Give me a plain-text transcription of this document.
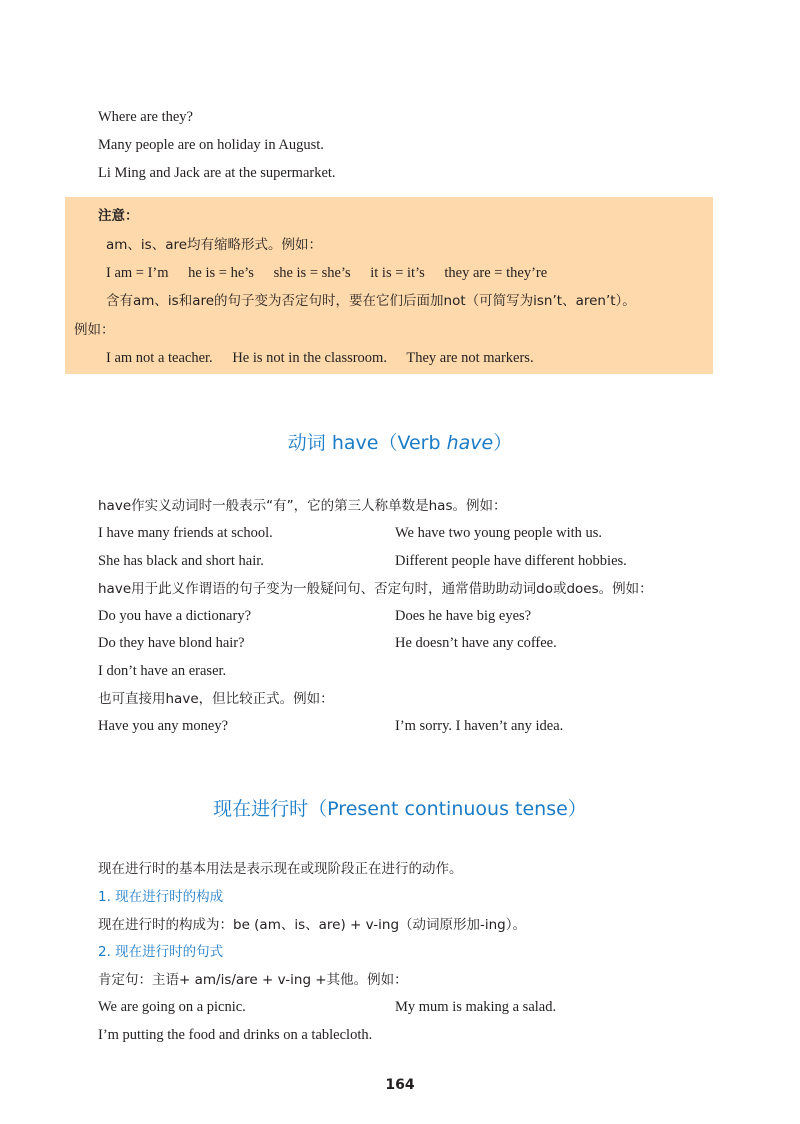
Where are they?
Many people are on holiday in August.
Li Ming and Jack are at the supermarket.
注意：
am、is、are均有缩略形式。例如：
I am = I’m he is = he’s she is = she’s it is = it’s they are = they’re
含有am、is和are的句子变为否定句时，要在它们后面加not（可简写为isn’t、aren’t）。
例如：
I am not a teacher. He is not in the classroom. They are not markers.
动词 have（Verb have）
have作实义动词时一般表示“有”，它的第三人称单数是has。例如：
I have many friends at school.	We have two young people with us.
She has black and short hair.	Different people have different hobbies.
have用于此义作谓语的句子变为一般疑问句、否定句时，通常借助助动词do或does。例如：
Do you have a dictionary?	Does he have big eyes?
Do they have blond hair?	He doesn’t have any coffee.
I don’t have an eraser.
也可直接用have，但比较正式。例如：
Have you any money?	I’m sorry. I haven’t any idea.
现在进行时（Present continuous tense）
现在进行时的基本用法是表示现在或现阶段正在进行的动作。
1. 现在进行时的构成
现在进行时的构成为：be (am、is、are) + v-ing（动词原形加-ing）。
2. 现在进行时的句式
肯定句：主语+ am/is/are + v-ing +其他。例如：
We are going on a picnic.	My mum is making a salad.
I’m putting the food and drinks on a tablecloth.
164
